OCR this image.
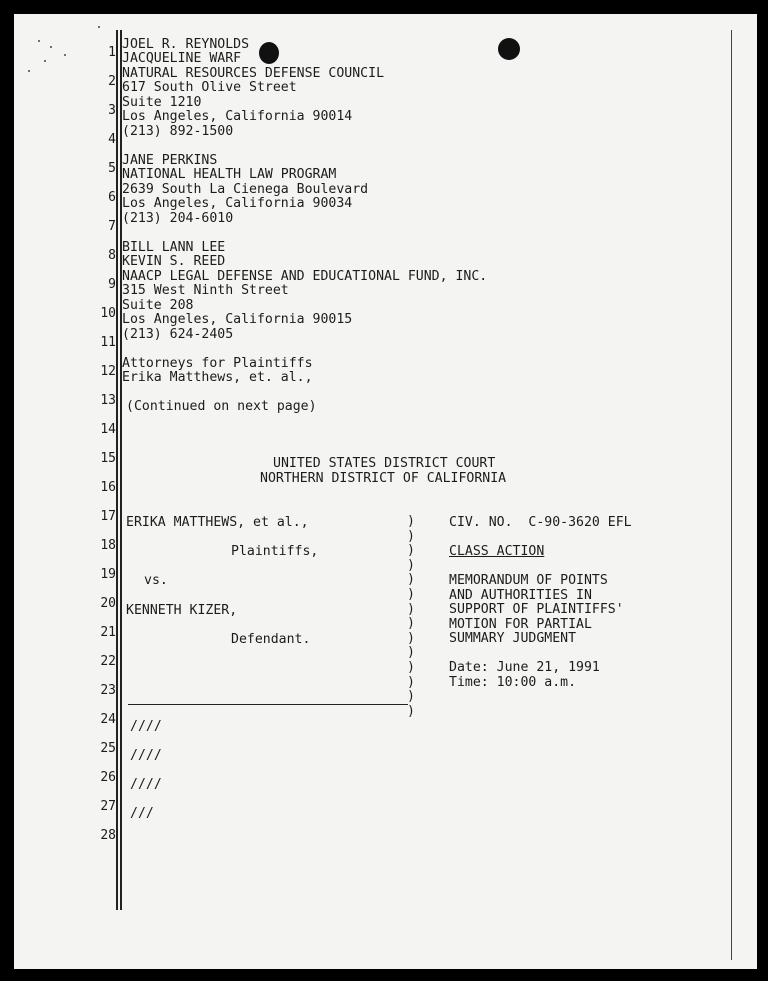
1
2
3
4
5
6
7
8
9
10
11
12
13
14
15
16
17
18
19
20
21
22
23
24
25
26
27
28
JOEL R. REYNOLDS
JACQUELINE WARF
NATURAL RESOURCES DEFENSE COUNCIL
617 South Olive Street
Suite 1210
Los Angeles, California 90014
(213) 892-1500
JANE PERKINS
NATIONAL HEALTH LAW PROGRAM
2639 South La Cienega Boulevard
Los Angeles, California 90034
(213) 204-6010
BILL LANN LEE
KEVIN S. REED
NAACP LEGAL DEFENSE AND EDUCATIONAL FUND, INC.
315 West Ninth Street
Suite 208
Los Angeles, California 90015
(213) 624-2405
Attorneys for Plaintiffs
Erika Matthews, et. al.,
(Continued on next page)
UNITED STATES DISTRICT COURT
NORTHERN DISTRICT OF CALIFORNIA
ERIKA MATTHEWS, et al.,
Plaintiffs,
vs.
KENNETH KIZER,
Defendant.
)
)
)
)
)
)
)
)
)
)
)
)
)
)
CIV. NO.  C-90-3620 EFL
CLASS ACTION
MEMORANDUM OF POINTS
AND AUTHORITIES IN
SUPPORT OF PLAINTIFFS'
MOTION FOR PARTIAL
SUMMARY JUDGMENT
Date: June 21, 1991
Time: 10:00 a.m.
////
////
////
///
